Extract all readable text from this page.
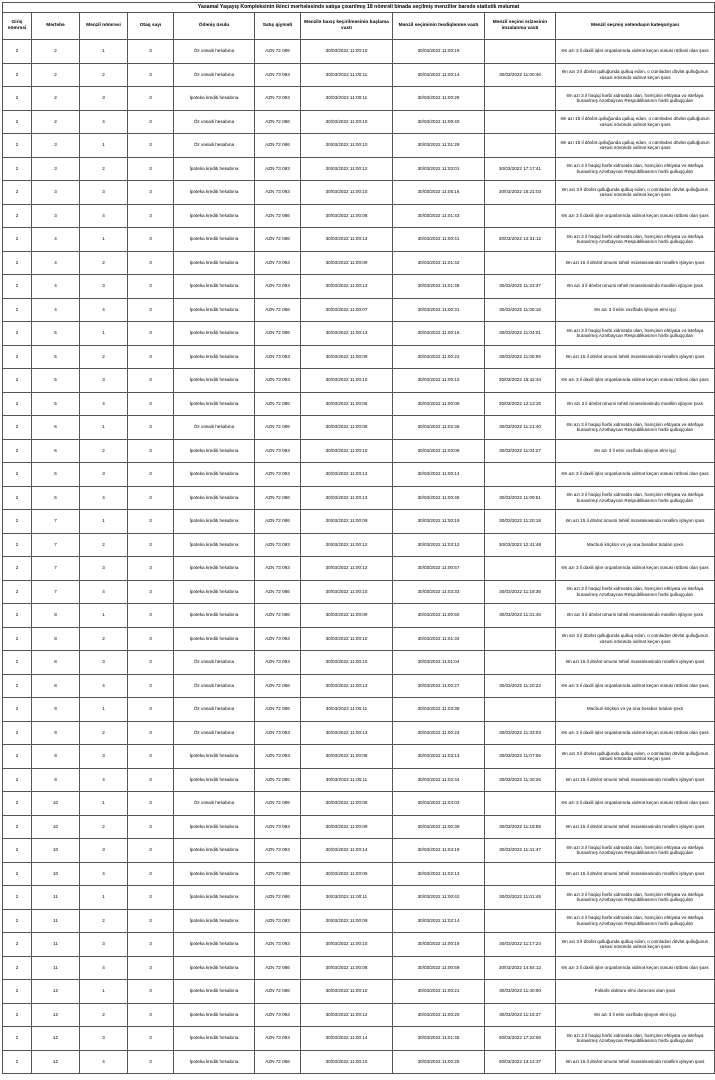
Yasamal Yaşayış Kompleksinin ikinci mərhələsində satışa çıxarılmış 18 nömrəli binada seçilmiş mənzillər barədə statistik məlumat									
Giriş nömrəsi	Mərtəbə	Mənzil nömrəsi	Otaq sayı	Ödəniş üsulu	Satış qiyməti	Mənzilə baxış keçirilməsinin başlama vaxtı	Mənzil seçiminin təsdiqlənmə vaxtı	Mənzil seçimi ərizəsinin imzalanma vaxtı	Mənzil seçmiş vətəndaşın kateqoriyası
2	2	1	3	Öz vəsaiti hesabına	AZN 72 086	30/03/2022 11:00:10	30/03/2022 11:00:19		Ən azı 3 il daxili işlər orqanlarında xidmət keçən xüsusi rütbəsi olan şəxs
2	2	2	3	Öz vəsaiti hesabına	AZN 73 093	30/03/2022 11:00:11	30/03/2022 11:00:14	30/03/2022 11:00:46	Ən azı 3 il dövlət qulluğunda qulluq edən, o cümlədən dövlət qulluğunun xüsusi növündə xidmət keçən şəxs
2	2	3	3	İpoteka krediti hesabına	AZN 73 093	30/03/2022 11:00:11	30/03/2022 11:00:29		Ən azı 3 il həqiqi hərbi xidmətdə olan, həmçinin ehtiyata və istefaya buraxılmış Azərbaycan Respublikasının hərbi qulluqçuları
2	2	4	3	Öz vəsaiti hesabına	AZN 72 086	30/03/2022 11:00:10	30/03/2022 11:09:40		Ən azı 15 il dövlət qulluğunda qulluq edən, o cümlədən dövlət qulluğunun xüsusi növündə xidmət keçən şəxs
2	3	1	3	Öz vəsaiti hesabına	AZN 72 086	30/03/2022 11:00:10	30/03/2022 11:01:28		Ən azı 15 il dövlət qulluğunda qulluq edən, o cümlədən dövlət qulluğunun xüsusi növündə xidmət keçən şəxs
2	3	2	3	İpoteka krediti hesabına	AZN 73 093	30/03/2022 11:00:12	30/03/2022 11:03:01	30/03/2022 17:17:41	Ən azı 3 il həqiqi hərbi xidmətdə olan, həmçinin ehtiyata və istefaya buraxılmış Azərbaycan Respublikasının hərbi qulluqçuları
2	3	3	3	İpoteka krediti hesabına	AZN 73 093	30/03/2022 11:00:10	30/03/2022 11:05:16	30/03/2022 15:21:03	Ən azı 3 il dövlət qulluğunda qulluq edən, o cümlədən dövlət qulluğunun xüsusi növündə xidmət keçən şəxs
2	3	4	3	İpoteka krediti hesabına	AZN 72 086	30/03/2022 11:00:08	30/03/2022 11:01:43		Ən azı 3 il daxili işlər orqanlarında xidmət keçən xüsusi rütbəsi olan şəxs
2	4	1	3	İpoteka krediti hesabına	AZN 72 086	30/03/2022 11:00:13	30/03/2022 11:00:41	30/03/2022 12:31:12	Ən azı 3 il həqiqi hərbi xidmətdə olan, həmçinin ehtiyata və istefaya buraxılmış Azərbaycan Respublikasının hərbi qulluqçuları
2	4	2	3	İpoteka krediti hesabına	AZN 73 093	30/03/2022 11:00:09	30/03/2022 11:01:42		Ən azı 15 il dövlət ümumi təhsil müəssisəsində müəllim işləyən şəxs
2	4	3	3	İpoteka krediti hesabına	AZN 73 093	30/03/2022 11:00:13	30/03/2022 11:01:48	30/03/2022 11:33:37	Ən azı 3 il dövlət ümumi təhsil müəssisəsində müəllim işləyən şəxs
2	4	4	3	İpoteka krediti hesabına	AZN 72 086	30/03/2022 11:00:07	30/03/2022 11:00:31	30/03/2022 11:05:16	Ən azı 3 il elmi vəzifədə işləyən elmi işçi
2	5	1	3	İpoteka krediti hesabına	AZN 72 086	30/03/2022 11:00:13	30/03/2022 11:00:16	30/03/2022 11:04:01	Ən azı 3 il həqiqi hərbi xidmətdə olan, həmçinin ehtiyata və istefaya buraxılmış Azərbaycan Respublikasının hərbi qulluqçuları
2	5	2	3	İpoteka krediti hesabına	AZN 73 093	30/03/2022 11:00:09	30/03/2022 11:00:22	30/03/2022 11:05:56	Ən azı 15 il dövlət ümumi təhsil müəssisəsində müəllim işləyən şəxs
2	5	3	3	İpoteka krediti hesabına	AZN 73 093	30/03/2022 11:00:10	30/03/2022 11:00:12	30/03/2022 15:42:34	Ən azı 3 il daxili işlər orqanlarında xidmət keçən xüsusi rütbəsi olan şəxs
2	5	4	3	İpoteka krediti hesabına	AZN 72 086	30/03/2022 11:00:06	30/03/2022 11:00:08	30/03/2022 12:13:20	Ən azı 3 il dövlət ümumi təhsil müəssisəsində müəllim işləyən şəxs
2	6	1	3	Öz vəsaiti hesabına	AZN 72 086	30/03/2022 11:00:08	30/03/2022 11:02:36	30/03/2022 11:21:40	Ən azı 3 il həqiqi hərbi xidmətdə olan, həmçinin ehtiyata və istefaya buraxılmış Azərbaycan Respublikasının hərbi qulluqçuları
2	6	2	3	İpoteka krediti hesabına	AZN 73 093	30/03/2022 11:00:10	30/03/2022 11:03:09	30/03/2022 11:04:27	Ən azı 3 il elmi vəzifədə işləyən elmi işçi
2	6	3	3	İpoteka krediti hesabına	AZN 73 093	30/03/2022 11:00:12	30/03/2022 11:00:14		Ən azı 3 il daxili işlər orqanlarında xidmət keçən xüsusi rütbəsi olan şəxs
2	6	4	3	İpoteka krediti hesabına	AZN 72 086	30/03/2022 11:00:13	30/03/2022 11:00:46	30/03/2022 11:09:51	Ən azı 3 il həqiqi hərbi xidmətdə olan, həmçinin ehtiyata və istefaya buraxılmış Azərbaycan Respublikasının hərbi qulluqçuları
2	7	1	3	İpoteka krediti hesabına	AZN 72 086	30/03/2022 11:00:09	30/03/2022 11:00:19	30/03/2022 11:20:18	Ən azı 15 il dövlət ümumi təhsil müəssisəsində müəllim işləyən şəxs
2	7	2	3	İpoteka krediti hesabına	AZN 73 093	30/03/2022 11:00:12	30/03/2022 11:03:12	30/03/2022 12:41:48	Məcburi köçkün və ya ona bərabər tutulan şəxs
2	7	3	3	İpoteka krediti hesabına	AZN 73 093	30/03/2022 11:00:12	30/03/2022 11:00:57		Ən azı 3 il daxili işlər orqanlarında xidmət keçən xüsusi rütbəsi olan şəxs
2	7	4	3	İpoteka krediti hesabına	AZN 72 086	30/03/2022 11:00:10	30/03/2022 11:03:33	30/03/2022 11:18:36	Ən azı 3 il həqiqi hərbi xidmətdə olan, həmçinin ehtiyata və istefaya buraxılmış Azərbaycan Respublikasının hərbi qulluqçuları
2	8	1	3	İpoteka krediti hesabına	AZN 72 086	30/03/2022 11:00:09	30/03/2022 11:00:50	30/03/2022 11:31:45	Ən azı 3 il dövlət ümumi təhsil müəssisəsində müəllim işləyən şəxs
2	8	2	3	İpoteka krediti hesabına	AZN 73 093	30/03/2022 11:00:10	30/03/2022 11:01:34		Ən azı 3 il dövlət qulluğunda qulluq edən, o cümlədən dövlət qulluğunun xüsusi növündə xidmət keçən şəxs
2	8	3	3	Öz vəsaiti hesabına	AZN 73 093	30/03/2022 11:00:10	30/03/2022 11:01:04		Ən azı 15 il dövlət ümumi təhsil müəssisəsində müəllim işləyən şəxs
2	8	4	3	Öz vəsaiti hesabına	AZN 72 086	30/03/2022 11:00:13	30/03/2022 11:00:27	30/03/2022 11:20:22	Ən azı 3 il daxili işlər orqanlarında xidmət keçən xüsusi rütbəsi olan şəxs
2	9	1	3	Öz vəsaiti hesabına	AZN 72 086	30/03/2022 11:00:11	30/03/2022 11:03:38		Məcburi köçkün və ya ona bərabər tutulan şəxs
2	9	2	3	Öz vəsaiti hesabına	AZN 73 093	30/03/2022 11:00:13	30/03/2022 11:00:23	30/03/2022 11:33:03	Ən azı 3 il daxili işlər orqanlarında xidmət keçən xüsusi rütbəsi olan şəxs
2	9	3	3	İpoteka krediti hesabına	AZN 73 093	30/03/2022 11:00:08	30/03/2022 11:03:13	30/03/2022 11:07:06	Ən azı 3 il dövlət qulluğunda qulluq edən, o cümlədən dövlət qulluğunun xüsusi növündə xidmət keçən şəxs
2	9	4	3	İpoteka krediti hesabına	AZN 72 086	30/03/2022 11:00:11	30/03/2022 11:02:44	30/03/2022 11:40:26	Ən azı 15 il dövlət ümumi təhsil müəssisəsində müəllim işləyən şəxs
2	10	1	3	Öz vəsaiti hesabına	AZN 72 086	30/03/2022 11:00:08	30/03/2022 11:04:03		Ən azı 3 il daxili işlər orqanlarında xidmət keçən xüsusi rütbəsi olan şəxs
2	10	2	3	İpoteka krediti hesabına	AZN 73 093	30/03/2022 11:00:09	30/03/2022 11:00:39	30/03/2022 11:18:58	Ən azı 15 il dövlət ümumi təhsil müəssisəsində müəllim işləyən şəxs
2	10	3	3	İpoteka krediti hesabına	AZN 73 093	30/03/2022 11:00:14	30/03/2022 11:04:19	30/03/2022 11:41:47	Ən azı 3 il həqiqi hərbi xidmətdə olan, həmçinin ehtiyata və istefaya buraxılmış Azərbaycan Respublikasının hərbi qulluqçuları
2	10	4	3	İpoteka krediti hesabına	AZN 72 086	30/03/2022 11:00:09	30/03/2022 11:02:13		Ən azı 15 il dövlət ümumi təhsil müəssisəsində müəllim işləyən şəxs
2	11	1	3	İpoteka krediti hesabına	AZN 72 086	30/03/2022 11:00:11	30/03/2022 11:00:42	30/03/2022 11:01:45	Ən azı 3 il həqiqi hərbi xidmətdə olan, həmçinin ehtiyata və istefaya buraxılmış Azərbaycan Respublikasının hərbi qulluqçuları
2	11	2	3	İpoteka krediti hesabına	AZN 73 093	30/03/2022 11:00:09	30/03/2022 11:02:14		Ən azı 3 il həqiqi hərbi xidmətdə olan, həmçinin ehtiyata və istefaya buraxılmış Azərbaycan Respublikasının hərbi qulluqçuları
2	11	3	3	İpoteka krediti hesabına	AZN 73 093	30/03/2022 11:00:10	30/03/2022 11:00:19	30/03/2022 11:17:24	Ən azı 3 il dövlət qulluğunda qulluq edən, o cümlədən dövlət qulluğunun xüsusi növündə xidmət keçən şəxs
2	11	4	3	İpoteka krediti hesabına	AZN 72 086	30/03/2022 11:00:08	30/03/2022 11:00:59	30/03/2022 14:54:12	Ən azı 3 il daxili işlər orqanlarında xidmət keçən xüsusi rütbəsi olan şəxs
2	12	1	3	İpoteka krediti hesabına	AZN 72 086	30/03/2022 11:00:10	30/03/2022 11:00:21	30/03/2022 11:40:00	Fəlsəfə doktoru elmi dərəcəsi olan şəxs
2	12	2	3	İpoteka krediti hesabına	AZN 73 093	30/03/2022 11:00:12	30/03/2022 11:00:20	30/03/2022 11:16:37	Ən azı 3 il elmi vəzifədə işləyən elmi işçi
2	12	3	3	İpoteka krediti hesabına	AZN 73 093	30/03/2022 11:00:14	30/03/2022 11:01:45	30/03/2022 17:22:50	Ən azı 3 il həqiqi hərbi xidmətdə olan, həmçinin ehtiyata və istefaya buraxılmış Azərbaycan Respublikasının hərbi qulluqçuları
2	12	4	3	İpoteka krediti hesabına	AZN 72 086	30/03/2022 11:00:10	30/03/2022 11:00:25	30/03/2022 13:14:37	Ən azı 15 il dövlət ümumi təhsil müəssisəsində müəllim işləyən şəxs
